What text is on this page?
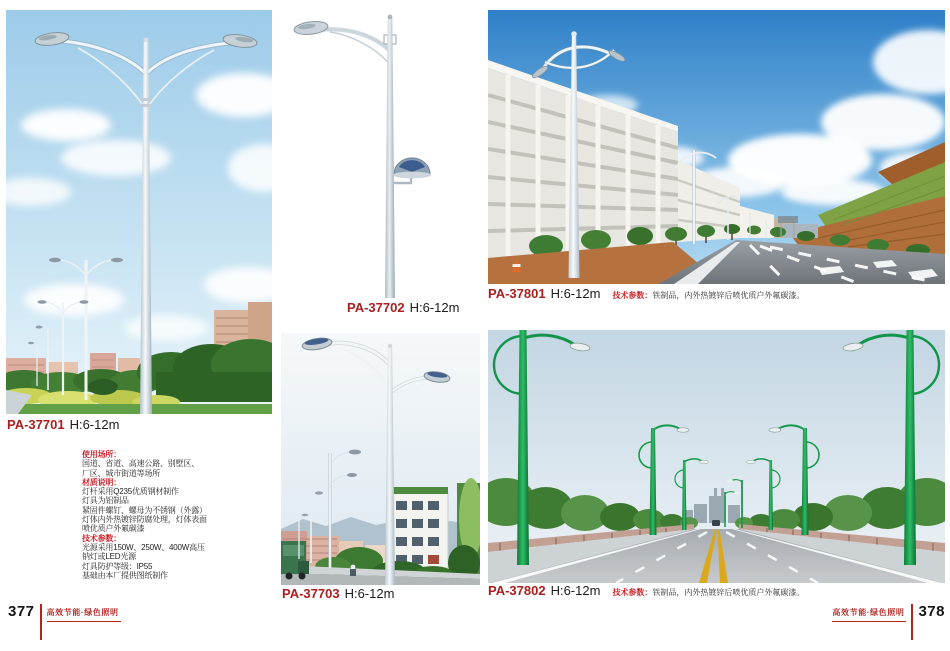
PA-37701 H:6-12m
使用场所：
国道、省道、高速公路、别墅区、
厂区、城市街道等场所
材质说明：
灯杆采用Q235优质钢材制作
灯具为铝制品
紧固件螺钉、螺母为不锈钢（外露）
灯体内外热镀锌防腐处理，灯体表面
喷优质户外氟碳漆
技术参数：
光源采用150W、250W、400W高压
钠灯或LED光源
灯具防护等级：IP55
基础由本厂提供图纸制作
PA-37702 H:6-12m
PA-37703 H:6-12m
PA-37801 H:6-12m 技术参数：铁制品，内外热镀锌后喷优质户外氟碳漆。
PA-37802 H:6-12m 技术参数：铁制品，内外热镀锌后喷优质户外氟碳漆。
377 高效节能·绿色照明	高效节能·绿色照明 378
